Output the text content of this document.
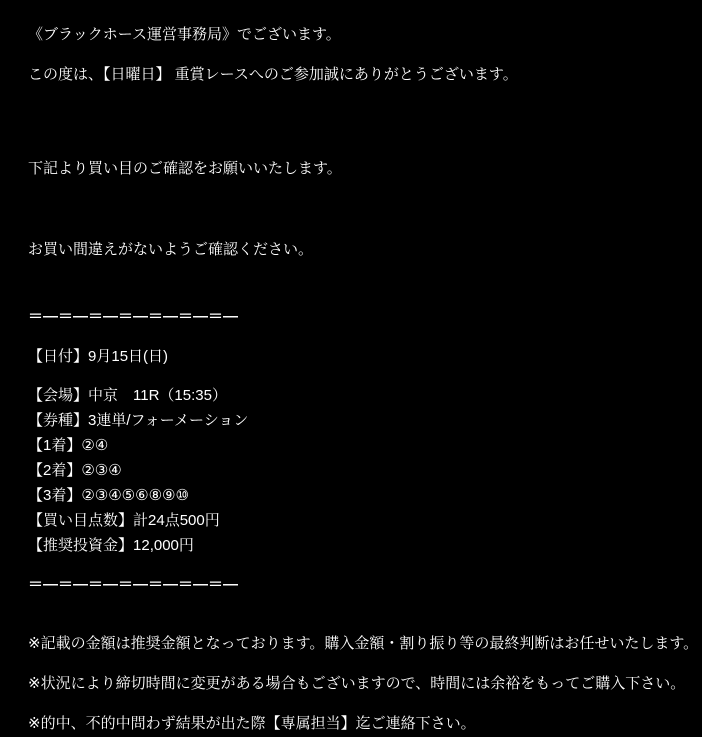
《ブラックホース運営事務局》でございます。
この度は、【日曜日】 重賞レースへのご参加誠にありがとうございます。

下記より買い目のご確認をお願いいたします。

お買い間違えがないようご確認ください。

＝―＝―＝―＝―＝―＝―＝―
【日付】9月15日(日)
【会場】中京　11R（15:35）
【券種】3連単/フォーメーション
【1着】②④
【2着】②③④
【3着】②③④⑤⑥⑧⑨⑩
【買い目点数】計24点500円
【推奨投資金】12,000円
＝―＝―＝―＝―＝―＝―＝―
※記載の金額は推奨金額となっております。購入金額・割り振り等の最終判断はお任せいたします。
※状況により締切時間に変更がある場合もございますので、時間には余裕をもってご購入下さい。
※的中、不的中問わず結果が出た際【専属担当】迄ご連絡下さい。
